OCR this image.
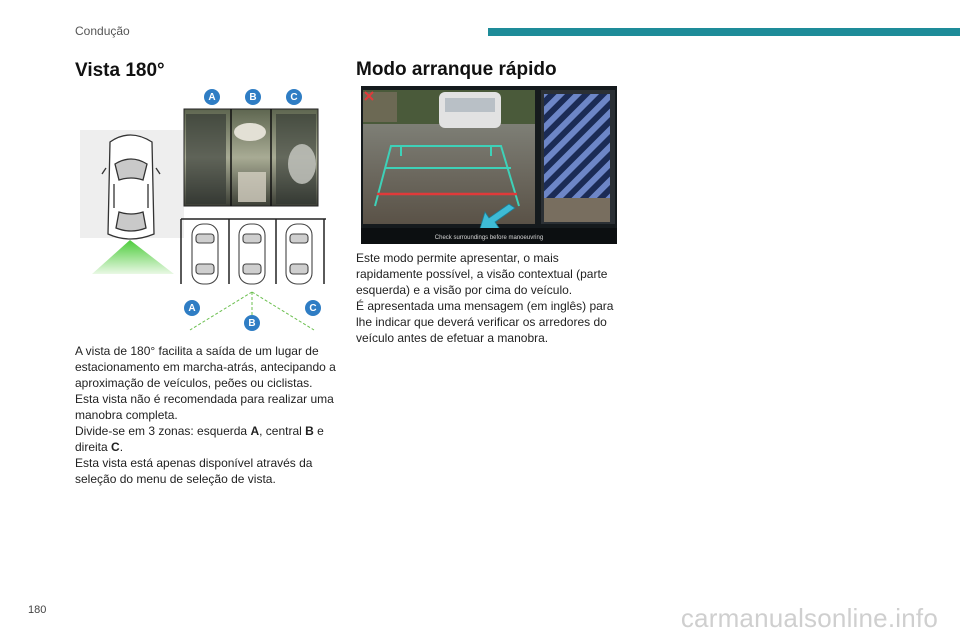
Condução
Vista 180°
A	B	C
A
B
C

A vista de 180° facilita a saída de um lugar de estacionamento em marcha-atrás, antecipando a aproximação de veículos, peões ou ciclistas.

Esta vista não é recomendada para realizar uma manobra completa.

Divide-se em 3 zonas: esquerda A, central B e direita C.

Esta vista está apenas disponível através da seleção do menu de seleção de vista.

Modo arranque rápido
Check surroundings before manoeuvring

Este modo permite apresentar, o mais rapidamente possível, a visão contextual (parte esquerda) e a visão por cima do veículo.

É apresentada uma mensagem (em inglês) para lhe indicar que deverá verificar os arredores do veículo antes de efetuar a manobra.

180	carmanualsonline.info
